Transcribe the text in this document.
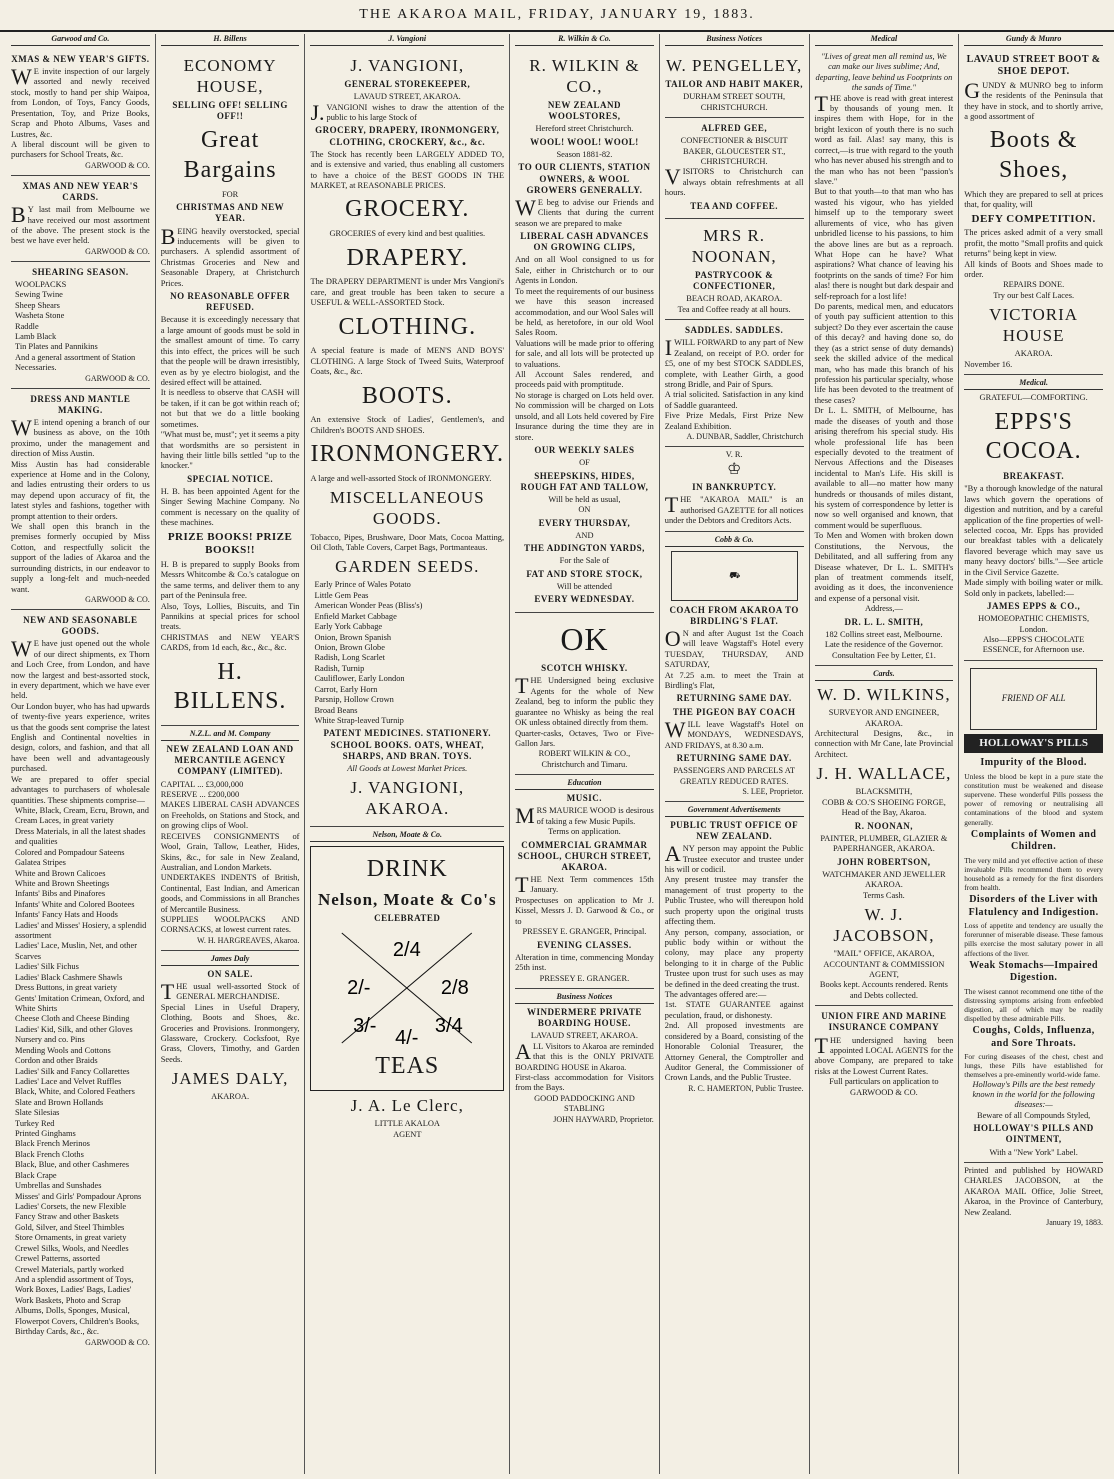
THE AKAROA MAIL, FRIDAY, JANUARY 19, 1883.
Garwood and Co.
XMAS & NEW YEAR'S GIFTS.
WE invite inspection of our largely assorted and newly received stock, mostly to hand per ship Waipoa, from London, of Toys, Fancy Goods, Presentation, Toy, and Prize Books, Scrap and Photo Albums, Vases and Lustres, &c.
A liberal discount will be given to purchasers for School Treats, &c.
GARWOOD & CO.
XMAS AND NEW YEAR'S CARDS.
BY last mail from Melbourne we have received our most assortment of the above. The present stock is the best we have ever held.
GARWOOD & CO.
SHEARING SEASON.
WOOLPACKS
Sewing Twine
Sheep Shears
Washeta Stone
Raddle
Lamb Black
Tin Plates and Pannikins
And a general assortment of Station Necessaries.
GARWOOD & CO.
DRESS AND MANTLE MAKING.
WE intend opening a branch of our business as above, on the 10th proximo, under the management and direction of Miss Austin.
Miss Austin has had considerable experience at Home and in the Colony, and ladies entrusting their orders to us may depend upon accuracy of fit, the latest styles and fashions, together with prompt attention to their orders.
We shall open this branch in the premises formerly occupied by Miss Cotton, and respectfully solicit the support of the ladies of Akaroa and the surrounding districts, in our endeavor to supply a long-felt and much-needed want.
GARWOOD & CO.
NEW AND SEASONABLE GOODS.
WE have just opened out the whole of our direct shipments, ex Thorn and Loch Cree, from London, and have now the largest and best-assorted stock, in every department, which we have ever held.
Our London buyer, who has had upwards of twenty-five years experience, writes us that the goods sent comprise the latest English and Continental novelties in design, colors, and fashion, and that all have been well and advantageously purchased.
We are prepared to offer special advantages to purchasers of wholesale quantities. These shipments comprise—
White, Black, Cream, Ecru, Brown, and Cream Laces, in great variety
Dress Materials, in all the latest shades and qualities
Colored and Pompadour Sateens
Galatea Stripes
White and Brown Calicoes
White and Brown Sheetings
Infants' Bibs and Pinafores
Infants' White and Colored Bootees
Infants' Fancy Hats and Hoods
Ladies' and Misses' Hosiery, a splendid assortment
Ladies' Lace, Muslin, Net, and other Scarves
Ladies' Silk Fichus
Ladies' Black Cashmere Shawls
Dress Buttons, in great variety
Gents' Imitation Crimean, Oxford, and White Shirts
Cheese Cloth and Cheese Binding
Ladies' Kid, Silk, and other Gloves
Nursery and co. Pins
Mending Wools and Cottons
Cordon and other Braids
Ladies' Silk and Fancy Collarettes
Ladies' Lace and Velvet Ruffles
Black, White, and Colored Feathers
Slate and Brown Hollands
Slate Silesias
Turkey Red
Printed Ginghams
Black French Merinos
Black French Cloths
Black, Blue, and other Cashmeres
Black Crape
Umbrellas and Sunshades
Misses' and Girls' Pompadour Aprons
Ladies' Corsets, the new Flexible
Fancy Straw and other Baskets
Gold, Silver, and Steel Thimbles
Store Ornaments, in great variety
Crewel Silks, Wools, and Needles
Crewel Patterns, assorted
Crewel Materials, partly worked
And a splendid assortment of Toys, Work Boxes, Ladies' Bags, Ladies' Work Baskets, Photo and Scrap Albums, Dolls, Sponges, Musical, Flowerpot Covers, Children's Books, Birthday Cards, &c., &c.
GARWOOD & CO.
H. Billens
ECONOMY HOUSE,
SELLING OFF! SELLING OFF!!
Great Bargains
FOR
CHRISTMAS AND NEW YEAR.
BEING heavily overstocked, special inducements will be given to purchasers. A splendid assortment of Christmas Groceries and New and Seasonable Drapery, at Christchurch Prices.
NO REASONABLE OFFER REFUSED.
Because it is exceedingly necessary that a large amount of goods must be sold in the smallest amount of time. To carry this into effect, the prices will be such that the people will be drawn irresistibly, even as by ye electro biologist, and the desired effect will be attained.
It is needless to observe that CASH will be taken, if it can be got within reach of; not but that we do a little booking sometimes.
"What must be, must"; yet it seems a pity that wordsmiths are so persistent in having their little bills settled "up to the knocker."
SPECIAL NOTICE.
H. B. has been appointed Agent for the Singer Sewing Machine Company. No comment is necessary on the quality of these machines.
PRIZE BOOKS! PRIZE BOOKS!!
H. B is prepared to supply Books from Messrs Whitcombe & Co.'s catalogue on the same terms, and deliver them to any part of the Peninsula free.
Also, Toys, Lollies, Biscuits, and Tin Pannikins at special prices for school treats.
CHRISTMAS and NEW YEAR'S CARDS, from 1d each, &c., &c., &c.
H. BILLENS.
N.Z.L. and M. Company
NEW ZEALAND LOAN AND MERCANTILE AGENCY COMPANY (LIMITED).
CAPITAL ... £3,000,000
RESERVE ... £200,000
MAKES LIBERAL CASH ADVANCES on Freeholds, on Stations and Stock, and on growing clips of Wool.
RECEIVES CONSIGNMENTS of Wool, Grain, Tallow, Leather, Hides, Skins, &c., for sale in New Zealand, Australian, and London Markets.
UNDERTAKES INDENTS of British, Continental, East Indian, and American goods, and Commissions in all Branches of Mercantile Business.
SUPPLIES WOOLPACKS AND CORNSACKS, at lowest current rates.
W. H. HARGREAVES, Akaroa.
James Daly
ON SALE.
THE usual well-assorted Stock of GENERAL MERCHANDISE.
Special Lines in Useful Drapery, Clothing, Boots and Shoes, &c. Groceries and Provisions. Ironmongery, Glassware, Crockery. Cocksfoot, Rye Grass, Clovers, Timothy, and Garden Seeds.
JAMES DALY,
AKAROA.
J. Vangioni
J. VANGIONI,
GENERAL STOREKEEPER,
LAVAUD STREET, AKAROA.
J.VANGIONI wishes to draw the attention of the public to his large Stock of
GROCERY, DRAPERY, IRONMONGERY, CLOTHING, CROCKERY, &c., &c.
The Stock has recently been LARGELY ADDED TO, and is extensive and varied, thus enabling all customers to have a choice of the BEST GOODS IN THE MARKET, at REASONABLE PRICES.
GROCERY.
GROCERIES of every kind and best qualities.
DRAPERY.
The DRAPERY DEPARTMENT is under Mrs Vangioni's care, and great trouble has been taken to secure a USEFUL & WELL-ASSORTED Stock.
CLOTHING.
A special feature is made of MEN'S AND BOYS' CLOTHING. A large Stock of Tweed Suits, Waterproof Coats, &c., &c.
BOOTS.
An extensive Stock of Ladies', Gentlemen's, and Children's BOOTS AND SHOES.
IRONMONGERY.
A large and well-assorted Stock of IRONMONGERY.
MISCELLANEOUS GOODS.
Tobacco, Pipes, Brushware, Door Mats, Cocoa Matting, Oil Cloth, Table Covers, Carpet Bags, Portmanteaus.
GARDEN SEEDS.
Early Prince of Wales Potato
Little Gem Peas
American Wonder Peas (Bliss's)
Enfield Market Cabbage
Early York Cabbage
Onion, Brown Spanish
Onion, Brown Globe
Radish, Long Scarlet
Radish, Turnip
Cauliflower, Early London
Carrot, Early Horn
Parsnip, Hollow Crown
Broad Beans
White Strap-leaved Turnip
PATENT MEDICINES. STATIONERY. SCHOOL BOOKS. OATS, WHEAT, SHARPS, AND BRAN. TOYS.
All Goods at Lowest Market Prices.
J. VANGIONI, AKAROA.
Nelson, Moate & Co.
DRINK
Nelson, Moate & Co's
CELEBRATED
2/4
2/-	2/8
3/-	3/4
4/-
TEAS
J. A. Le Clerc,
LITTLE AKALOA
AGENT
R. Wilkin & Co.
R. WILKIN & CO.,
NEW ZEALAND WOOLSTORES,
Hereford street Christchurch.
WOOL! WOOL! WOOL!
Season 1881-82.
TO OUR CLIENTS, STATION OWNERS, & WOOL GROWERS GENERALLY.
WE beg to advise our Friends and Clients that during the current season we are prepared to make
LIBERAL CASH ADVANCES ON GROWING CLIPS,
And on all Wool consigned to us for Sale, either in Christchurch or to our Agents in London.
To meet the requirements of our business we have this season increased accommodation, and our Wool Sales will be held, as heretofore, in our old Wool Sales Room.
Valuations will be made prior to offering for sale, and all lots will be protected up to valuations.
All Account Sales rendered, and proceeds paid with promptitude.
No storage is charged on Lots held over. No commission will be charged on Lots unsold, and all Lots held covered by Fire Insurance during the time they are in store.
OUR WEEKLY SALES
OF
SHEEPSKINS, HIDES, ROUGH FAT AND TALLOW,
Will be held as usual,
ON
EVERY THURSDAY,
AND
THE ADDINGTON YARDS,
For the Sale of
FAT AND STORE STOCK,
Will be attended
EVERY WEDNESDAY.
OK
SCOTCH WHISKY.
THE Undersigned being exclusive Agents for the whole of New Zealand, beg to inform the public they guarantee no Whisky as being the real OK unless obtained directly from them.
Quarter-casks, Octaves, Two or Five-Gallon Jars.
ROBERT WILKIN & CO.,
Christchurch and Timaru.
Education
MUSIC.
MRS MAURICE WOOD is desirous of taking a few Music Pupils.
Terms on application.
COMMERCIAL GRAMMAR SCHOOL, CHURCH STREET, AKAROA.
THE Next Term commences 15th January.
Prospectuses on application to Mr J. Kissel, Messrs J. D. Garwood & Co., or to
PRESSEY E. GRANGER, Principal.
EVENING CLASSES.
Alteration in time, commencing Monday 25th inst.
PRESSEY E. GRANGER.
Business Notices
WINDERMERE PRIVATE BOARDING HOUSE.
LAVAUD STREET, AKAROA.
ALL Visitors to Akaroa are reminded that this is the ONLY PRIVATE BOARDING HOUSE in Akaroa.
First-class accommodation for Visitors from the Bays.
GOOD PADDOCKING AND STABLING
JOHN HAYWARD, Proprietor.
Business Notices
W. PENGELLEY,
TAILOR AND HABIT MAKER,
DURHAM STREET SOUTH, CHRISTCHURCH.
ALFRED GEE,
CONFECTIONER & BISCUIT BAKER, GLOUCESTER ST., CHRISTCHURCH.
VISITORS to Christchurch can always obtain refreshments at all hours.
TEA AND COFFEE.
MRS R. NOONAN,
PASTRYCOOK & CONFECTIONER,
BEACH ROAD, AKAROA.
Tea and Coffee ready at all hours.
SADDLES. SADDLES.
IWILL FORWARD to any part of New Zealand, on receipt of P.O. order for £5, one of my best STOCK SADDLES, complete, with Leather Girth, a good strong Bridle, and Pair of Spurs.
A trial solicited. Satisfaction in any kind of Saddle guaranteed.
Five Prize Medals, First Prize New Zealand Exhibition.
A. DUNBAR, Saddler, Christchurch
V. R.
♔
IN BANKRUPTCY.
THE "AKAROA MAIL" is an authorised GAZETTE for all notices under the Debtors and Creditors Acts.
Cobb & Co.
⛟
COACH FROM AKAROA TO BIRDLING'S FLAT.
ON and after August 1st the Coach will leave Wagstaff's Hotel every TUESDAY, THURSDAY, AND SATURDAY,
At 7.25 a.m. to meet the Train at Birdling's Flat,
RETURNING SAME DAY.
THE PIGEON BAY COACH
WILL leave Wagstaff's Hotel on MONDAYS, WEDNESDAYS, AND FRIDAYS, at 8.30 a.m.
RETURNING SAME DAY.
PASSENGERS AND PARCELS AT GREATLY REDUCED RATES.
S. LEE, Proprietor.
Government Advertisements
PUBLIC TRUST OFFICE OF NEW ZEALAND.
ANY person may appoint the Public Trustee executor and trustee under his will or codicil.
Any present trustee may transfer the management of trust property to the Public Trustee, who will thereupon hold such property upon the original trusts affecting them.
Any person, company, association, or public body within or without the colony, may place any property belonging to it in charge of the Public Trustee upon trust for such uses as may be defined in the deed creating the trust.
The advantages offered are:—
1st. STATE GUARANTEE against peculation, fraud, or dishonesty.
2nd. All proposed investments are considered by a Board, consisting of the Honorable Colonial Treasurer, the Attorney General, the Comptroller and Auditor General, the Commissioner of Crown Lands, and the Public Trustee.
R. C. HAMERTON, Public Trustee.
Medical
"Lives of great men all remind us, We can make our lives sublime; And, departing, leave behind us Footprints on the sands of Time."
THE above is read with great interest by thousands of young men. It inspires them with Hope, for in the bright lexicon of youth there is no such word as fail. Alas! say many, this is correct,—is true with regard to the youth who has never abused his strength and to the man who has not been "passion's slave."
But to that youth—to that man who has wasted his vigour, who has yielded himself up to the temporary sweet allurements of vice, who has given unbridled license to his passions, to him the above lines are but as a reproach. What Hope can he have? What aspirations? What chance of leaving his footprints on the sands of time? For him alas! there is nought but dark despair and self-reproach for a lost life!
Do parents, medical men, and educators of youth pay sufficient attention to this subject? Do they ever ascertain the cause of this decay? and having done so, do they (as a strict sense of duty demands) seek the skilled advice of the medical man, who has made this branch of his profession his particular specialty, whose life has been devoted to the treatment of these cases?
Dr L. L. SMITH, of Melbourne, has made the diseases of youth and those arising therefrom his special study. His whole professional life has been especially devoted to the treatment of Nervous Affections and the Diseases incidental to Man's Life. His skill is available to all—no matter how many hundreds or thousands of miles distant, his system of correspondence by letter is now so well organised and known, that comment would be superfluous.
To Men and Women with broken down Constitutions, the Nervous, the Debilitated, and all suffering from any Disease whatever, Dr L. L. SMITH's plan of treatment commends itself, avoiding as it does, the inconvenience and expense of a personal visit.
Address,—
DR. L. L. SMITH,
182 Collins street east, Melbourne.
Late the residence of the Governor.
Consultation Fee by Letter, £1.
Cards.
W. D. WILKINS,
SURVEYOR AND ENGINEER, AKAROA.
Architectural Designs, &c., in connection with Mr Cane, late Provincial Architect.
J. H. WALLACE,
BLACKSMITH,
COBB & CO.'S SHOEING FORGE, Head of the Bay, Akaroa.
R. NOONAN,
PAINTER, PLUMBER, GLAZIER & PAPERHANGER, AKAROA.
JOHN ROBERTSON,
WATCHMAKER AND JEWELLER AKAROA.
Terms Cash.
W. J. JACOBSON,
"MAIL" OFFICE, AKAROA, ACCOUNTANT & COMMISSION AGENT,
Books kept. Accounts rendered. Rents and Debts collected.
UNION FIRE AND MARINE INSURANCE COMPANY
THE undersigned having been appointed LOCAL AGENTS for the above Company, are prepared to take risks at the Lowest Current Rates.
Full particulars on application to
GARWOOD & CO.
Gundy & Munro
LAVAUD STREET BOOT & SHOE DEPOT.
GUNDY & MUNRO beg to inform the residents of the Peninsula that they have in stock, and to shortly arrive, a good assortment of
Boots & Shoes,
Which they are prepared to sell at prices that, for quality, will
DEFY COMPETITION.
The prices asked admit of a very small profit, the motto "Small profits and quick returns" being kept in view.
All kinds of Boots and Shoes made to order.
REPAIRS DONE.
Try our best Calf Laces.
VICTORIA HOUSE
AKAROA.
November 16.
Medical.
GRATEFUL—COMFORTING.
EPPS'S COCOA.
BREAKFAST.
"By a thorough knowledge of the natural laws which govern the operations of digestion and nutrition, and by a careful application of the fine properties of well-selected cocoa, Mr. Epps has provided our breakfast tables with a delicately flavored beverage which may save us many heavy doctors' bills."—See article in the Civil Service Gazette.
Made simply with boiling water or milk. Sold only in packets, labelled:—
JAMES EPPS & CO.,
HOMOEOPATHIC CHEMISTS,
London.
Also—EPPS'S CHOCOLATE ESSENCE, for Afternoon use.
FRIEND OF ALL
HOLLOWAY'S PILLS
Impurity of the Blood.
Unless the blood be kept in a pure state the constitution must be weakened and disease supervene. These wonderful Pills possess the power of removing or neutralising all contaminations of the blood and system generally.
Complaints of Women and Children.
The very mild and yet effective action of these invaluable Pills recommend them to every household as a remedy for the first disorders from health.
Disorders of the Liver with Flatulency and Indigestion.
Loss of appetite and tendency are usually the forerunner of miserable disease. These famous pills exercise the most salutary power in all affections of the liver.
Weak Stomachs—Impaired Digestion.
The wisest cannot recommend one tithe of the distressing symptoms arising from enfeebled digestion, all of which may be readily dispelled by these admirable Pills.
Coughs, Colds, Influenza, and Sore Throats.
For curing diseases of the chest, chest and lungs, these Pills have established for themselves a pre-eminently world-wide fame.
Holloway's Pills are the best remedy known in the world for the following diseases:—
Beware of all Compounds Styled,
HOLLOWAY'S PILLS AND OINTMENT,
With a "New York" Label.
Printed and published by HOWARD CHARLES JACOBSON, at the AKAROA MAIL Office, Jolie Street, Akaroa, in the Province of Canterbury, New Zealand.
January 19, 1883.
